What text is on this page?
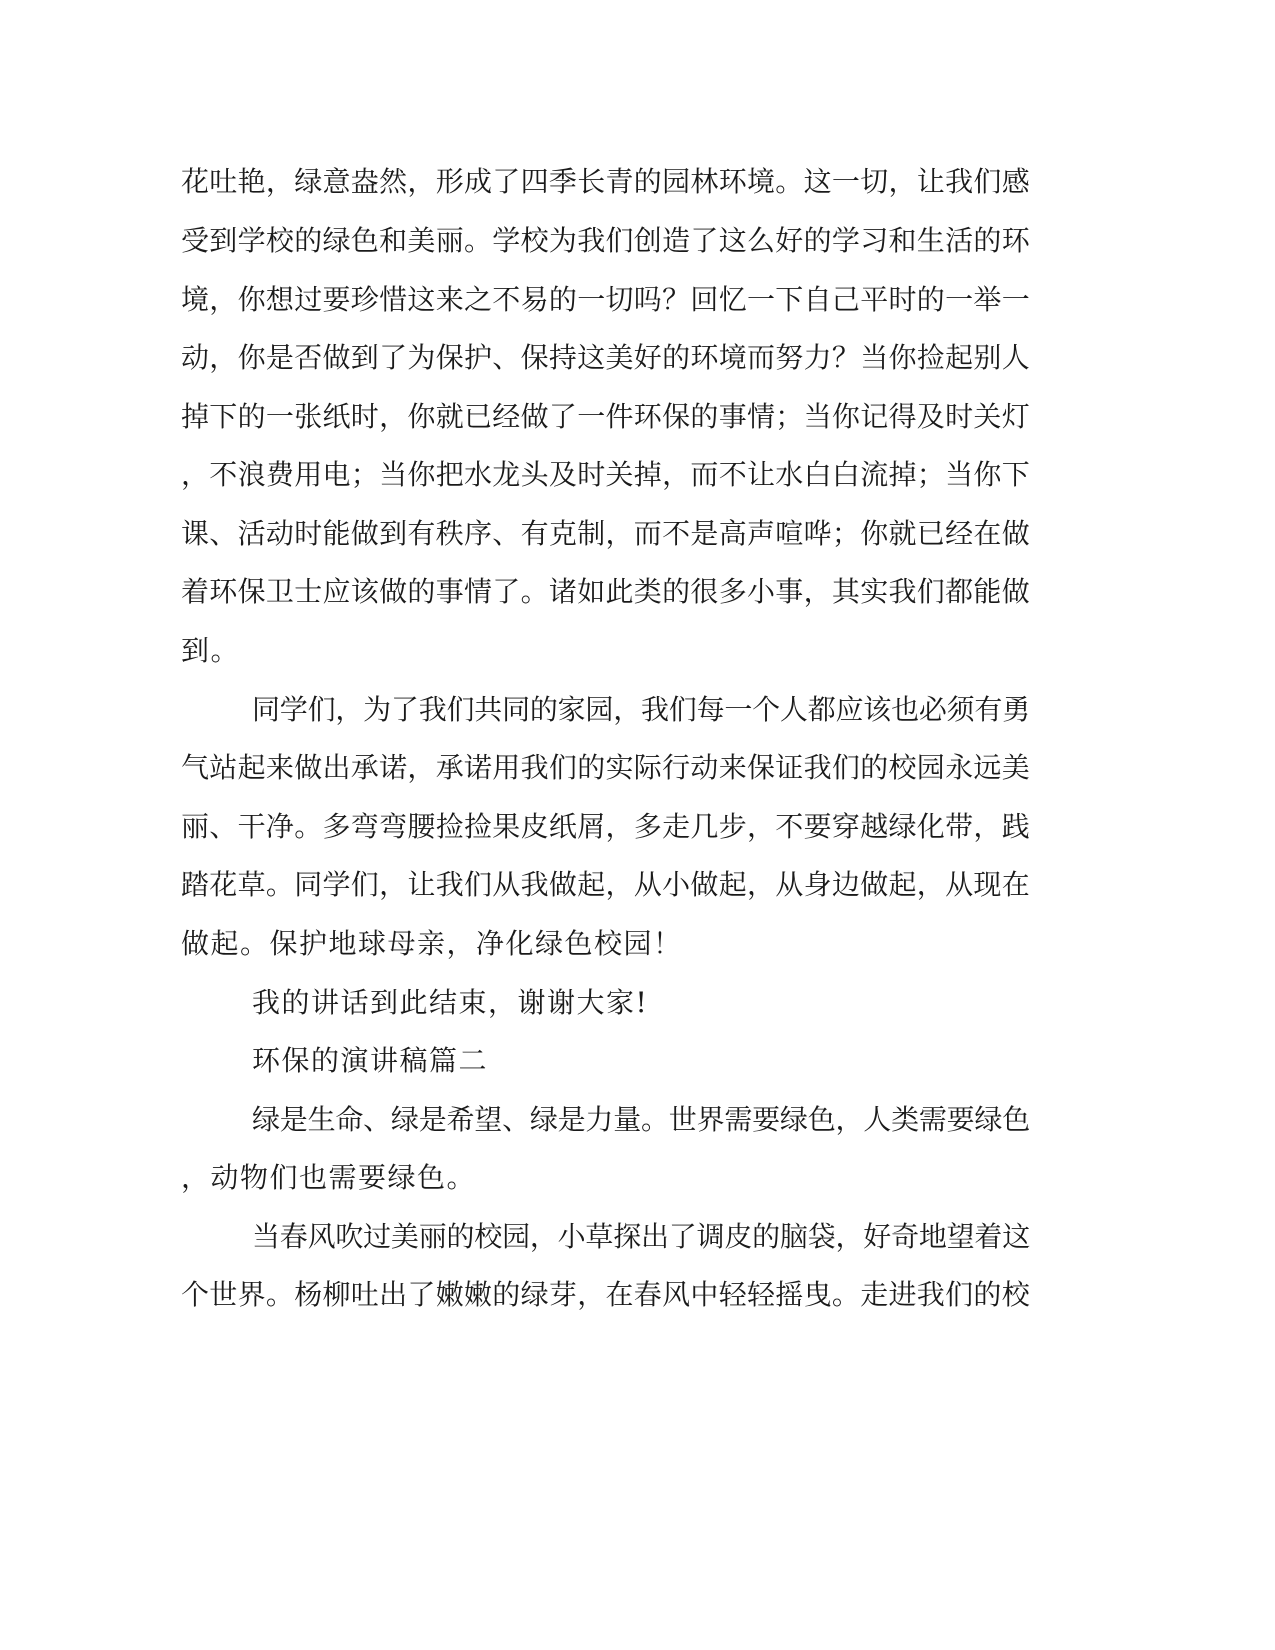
花吐艳，绿意盎然，形成了四季长青的园林环境。这一切，让我们感

受到学校的绿色和美丽。学校为我们创造了这么好的学习和生活的环

境，你想过要珍惜这来之不易的一切吗？回忆一下自己平时的一举一

动，你是否做到了为保护、保持这美好的环境而努力？当你捡起别人

掉下的一张纸时，你就已经做了一件环保的事情；当你记得及时关灯

，不浪费用电；当你把水龙头及时关掉，而不让水白白流掉；当你下

课、活动时能做到有秩序、有克制，而不是高声喧哗；你就已经在做

着环保卫士应该做的事情了。诸如此类的很多小事，其实我们都能做

到。

同学们，为了我们共同的家园，我们每一个人都应该也必须有勇

气站起来做出承诺，承诺用我们的实际行动来保证我们的校园永远美

丽、干净。多弯弯腰捡捡果皮纸屑，多走几步，不要穿越绿化带，践

踏花草。同学们，让我们从我做起，从小做起，从身边做起，从现在

做起。保护地球母亲，净化绿色校园！

我的讲话到此结束，谢谢大家!

环保的演讲稿篇二

绿是生命、绿是希望、绿是力量。世界需要绿色，人类需要绿色

，动物们也需要绿色。

当春风吹过美丽的校园，小草探出了调皮的脑袋，好奇地望着这

个世界。杨柳吐出了嫩嫩的绿芽，在春风中轻轻摇曳。走进我们的校
